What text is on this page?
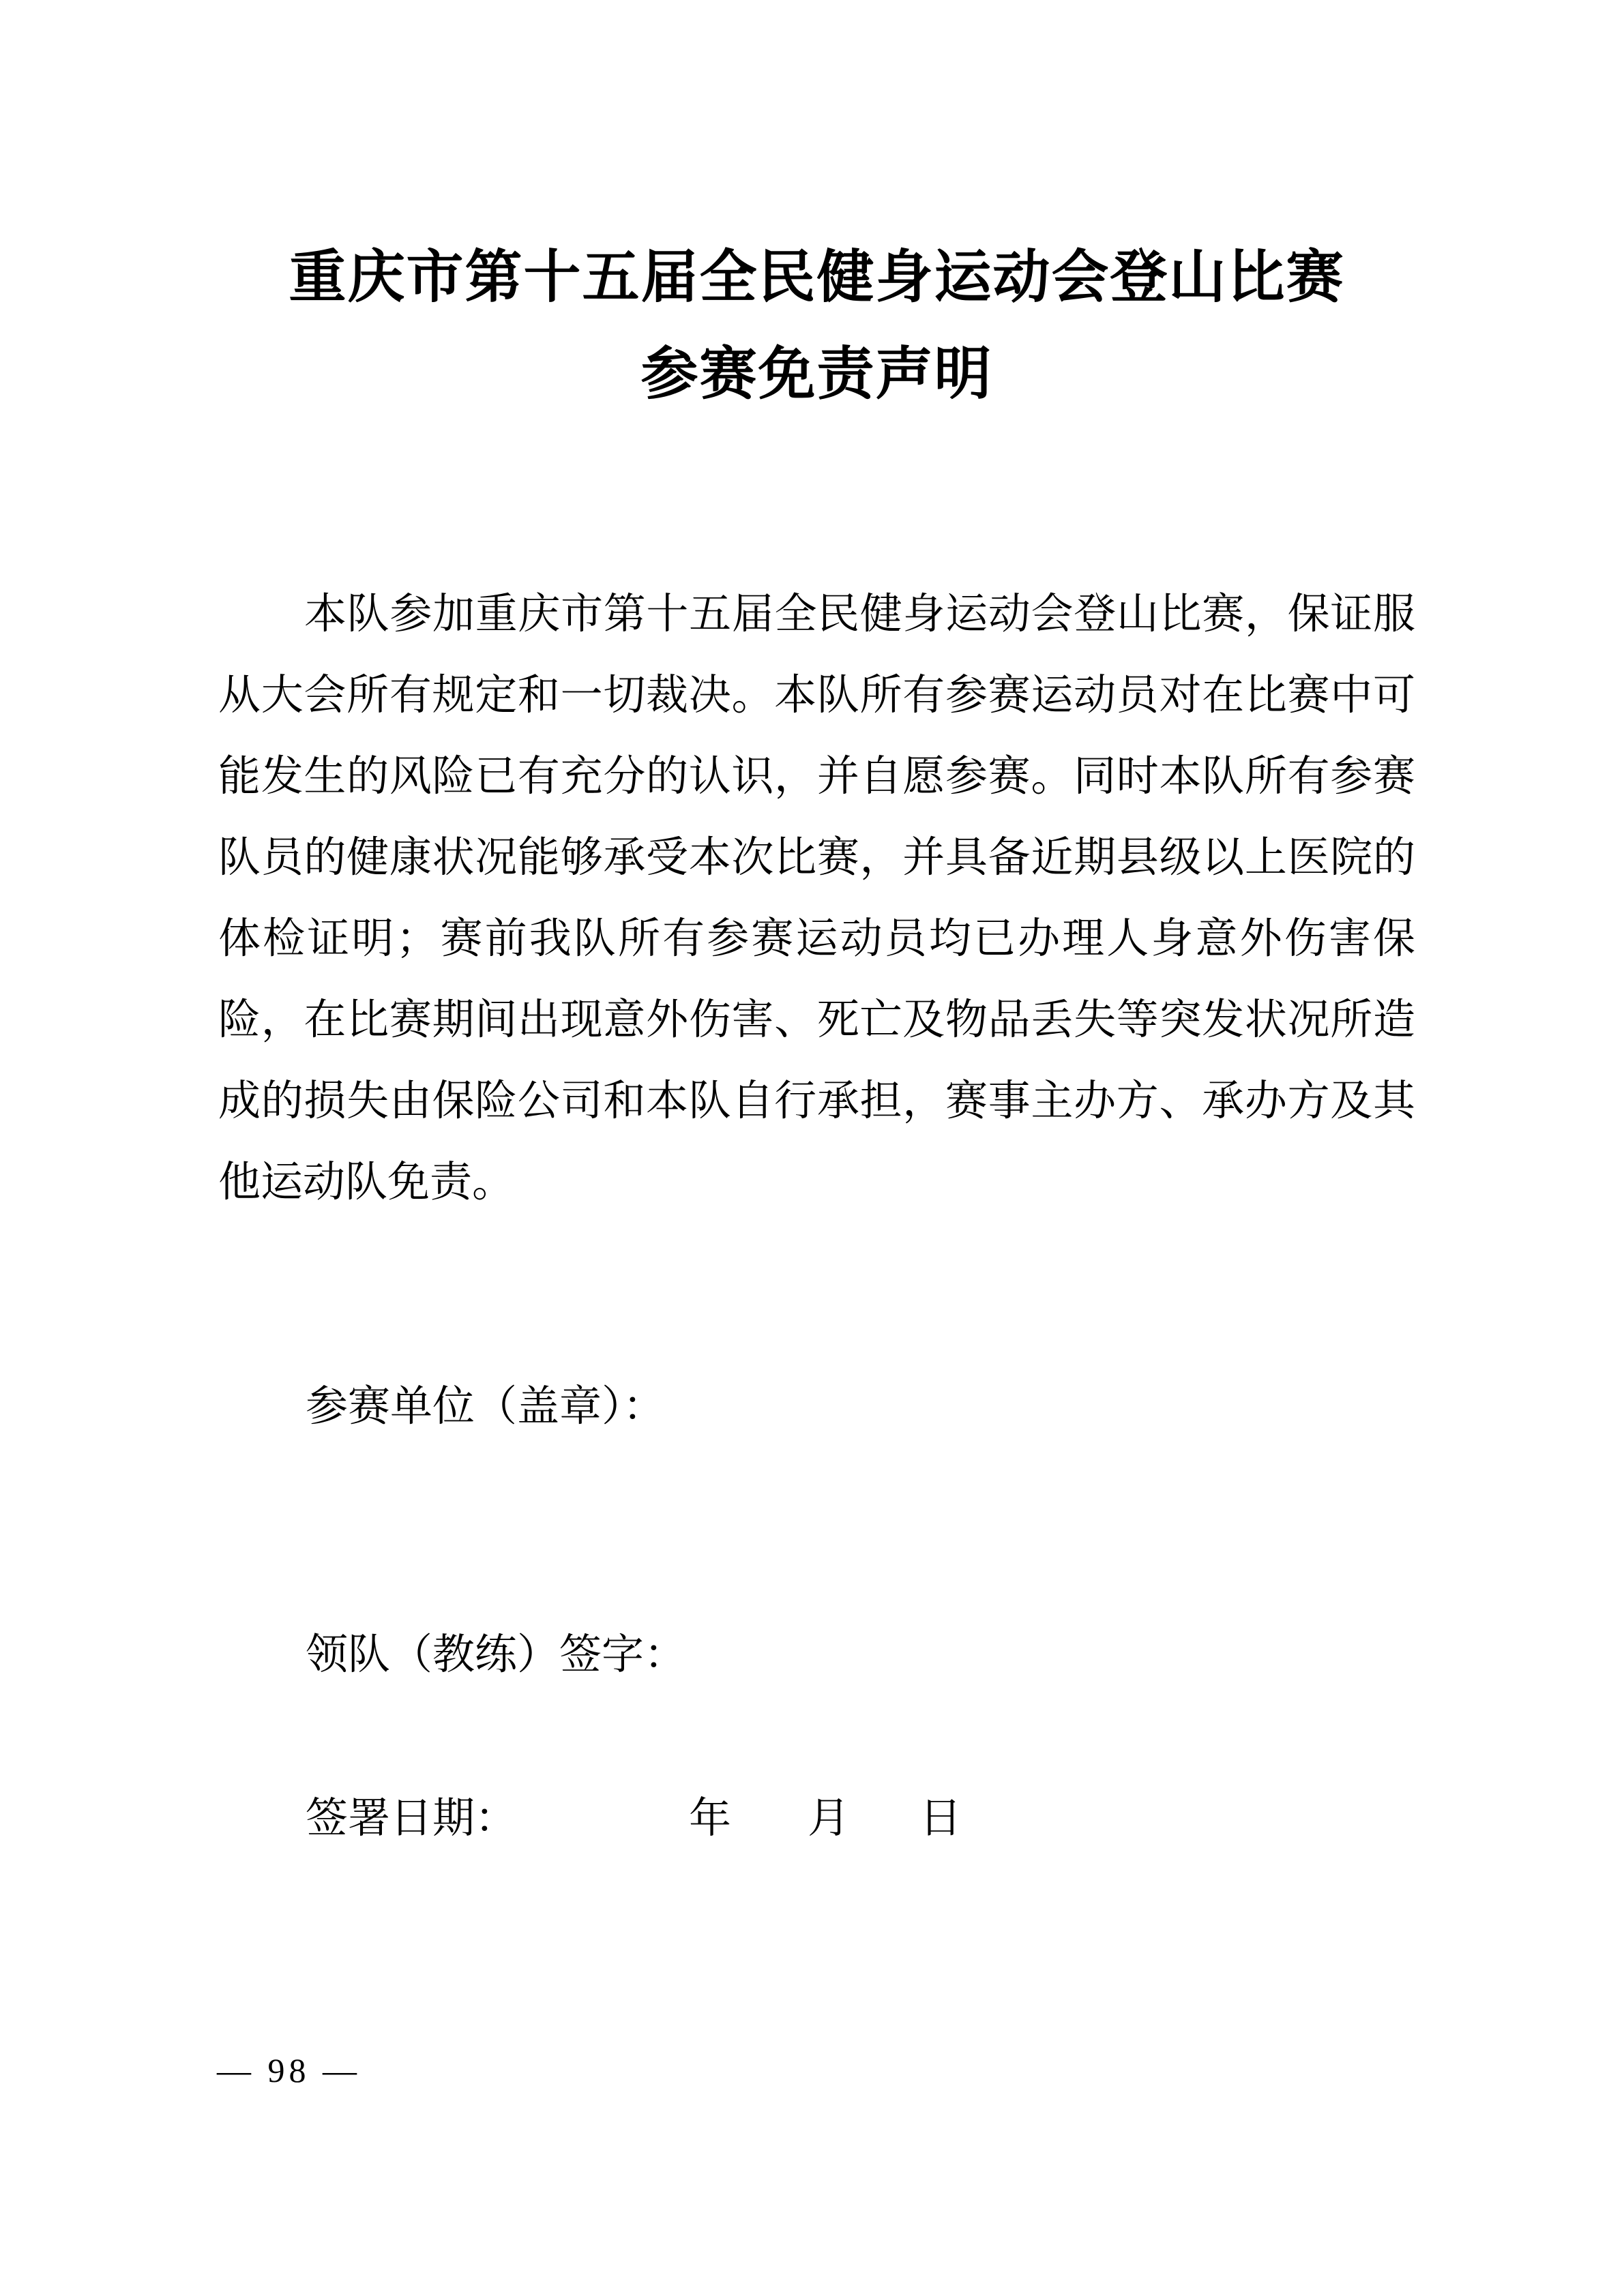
重庆市第十五届全民健身运动会登山比赛
参赛免责声明
本队参加重庆市第十五届全民健身运动会登山比赛，保证服
从大会所有规定和一切裁决。本队所有参赛运动员对在比赛中可
能发生的风险已有充分的认识，并自愿参赛。同时本队所有参赛
队员的健康状况能够承受本次比赛，并具备近期县级以上医院的
体检证明；赛前我队所有参赛运动员均已办理人身意外伤害保
险，在比赛期间出现意外伤害、死亡及物品丢失等突发状况所造
成的损失由保险公司和本队自行承担，赛事主办方、承办方及其
他运动队免责。
参赛单位（盖章）：
领队（教练）签字：
签署日期：	年 月 日
— 98 —
